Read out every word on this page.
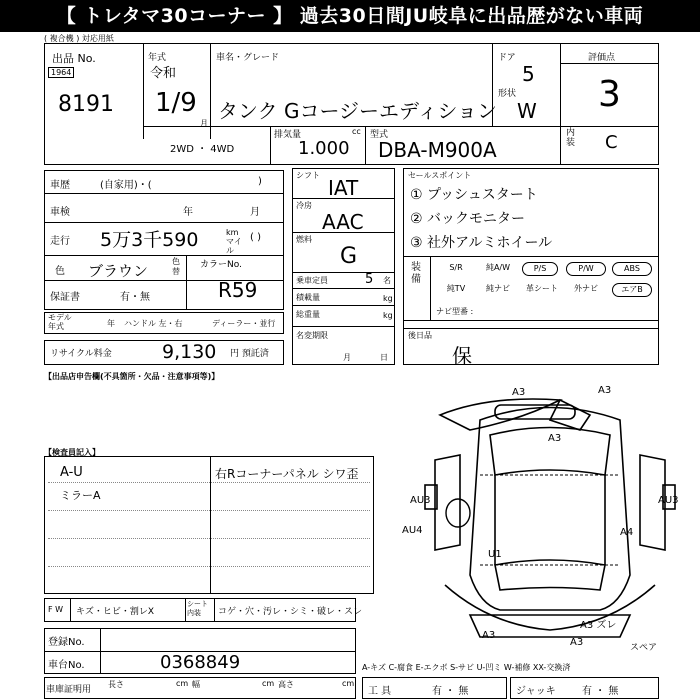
【 トレタマ30コーナー 】 過去30日間JU岐阜に出品歴がない車両
( 複合機 ) 対応用紙
出品 No.
1964
8191
年式
令和
1/9
月
車名・グレード
タンク Gコージーエディション
ドア
5
形状
W
評価点
3
内装 C
2WD ・ 4WD
排気量	cc
1.000
型式
DBA-M900A
車歴	(自家用)・(	)
車検	年	月
走行 5万3千590	km マイル
( )
色 ブラウン
色替
カラーNo.
R59
保証書	有・無
モデル年式	年 ハンドル 左・右	ディーラー・並行
リサイクル料金	9,130 円 預託済
シフト
IAT
冷房
AAC
燃料
G
乗車定員	5 名
積載量	kg
総重量	kg
名変期限
月	日
セールスポイント
① プッシュスタート
② バックモニター
③ 社外アルミホイール
装備
S/R	純A/W	P/S	P/W	ABS
純TV	純ナビ	革シート	外ナビ	エアB
ナビ型番 :
後日品
保
【出品店申告欄(不具箇所・欠品・注意事項等)】
【検査員記入】
A-U
ミラーA
右Rコーナーパネル シワ歪
A3	A3
A3
AU3	AU3
AU4	A4
U1
A3
A3
A3 ズレ
スペア
F W キズ・ヒビ・割レX
シート内装	コゲ・穴・汚レ・シミ・破レ・スレ
登録No.
車台No.	0368849	A-キズ C-腐食 E-エクボ S-サビ U-凹ミ W-補修 XX-交換済
車庫証明用
長さ	cm 幅	cm 高さ	cm
工 具	有 ・ 無	ジャッキ	有 ・ 無
